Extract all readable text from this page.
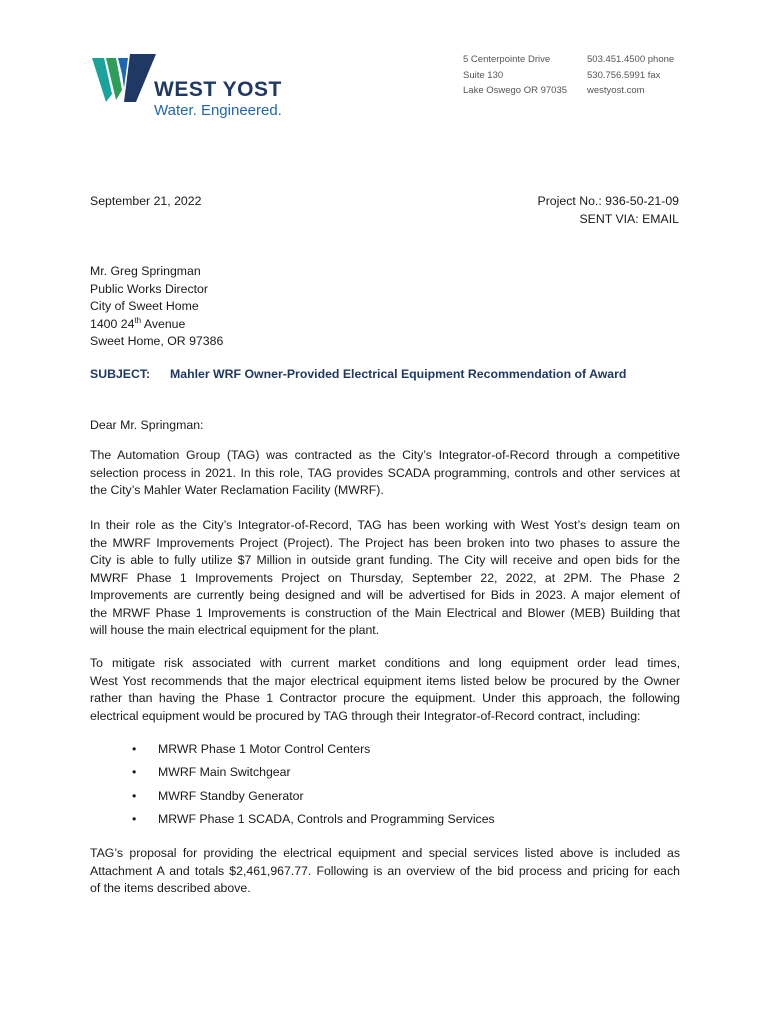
WEST YOST
Water. Engineered.
5 Centerpointe Drive
Suite 130
Lake Oswego OR 97035
503.451.4500 phone
530.756.5991 fax
westyost.com
September 21, 2022	Project No.: 936-50-21-09
SENT VIA: EMAIL
Mr. Greg Springman
Public Works Director
City of Sweet Home
1400 24th Avenue
Sweet Home, OR 97386
SUBJECT: Mahler WRF Owner-Provided Electrical Equipment Recommendation of Award
Dear Mr. Springman:
The Automation Group (TAG) was contracted as the City’s Integrator-of-Record through a competitive
selection process in 2021. In this role, TAG provides SCADA programming, controls and other services at
the City’s Mahler Water Reclamation Facility (MWRF).
In their role as the City’s Integrator-of-Record, TAG has been working with West Yost’s design team on
the MWRF Improvements Project (Project). The Project has been broken into two phases to assure the
City is able to fully utilize $7 Million in outside grant funding. The City will receive and open bids for the
MWRF Phase 1 Improvements Project on Thursday, September 22, 2022, at 2PM. The Phase 2
Improvements are currently being designed and will be advertised for Bids in 2023. A major element of
the MRWF Phase 1 Improvements is construction of the Main Electrical and Blower (MEB) Building that
will house the main electrical equipment for the plant.
To mitigate risk associated with current market conditions and long equipment order lead times,
West Yost recommends that the major electrical equipment items listed below be procured by the Owner
rather than having the Phase 1 Contractor procure the equipment. Under this approach, the following
electrical equipment would be procured by TAG through their Integrator-of-Record contract, including:
• MRWR Phase 1 Motor Control Centers
• MWRF Main Switchgear
• MWRF Standby Generator
• MRWF Phase 1 SCADA, Controls and Programming Services
TAG’s proposal for providing the electrical equipment and special services listed above is included as
Attachment A and totals $2,461,967.77. Following is an overview of the bid process and pricing for each
of the items described above.
